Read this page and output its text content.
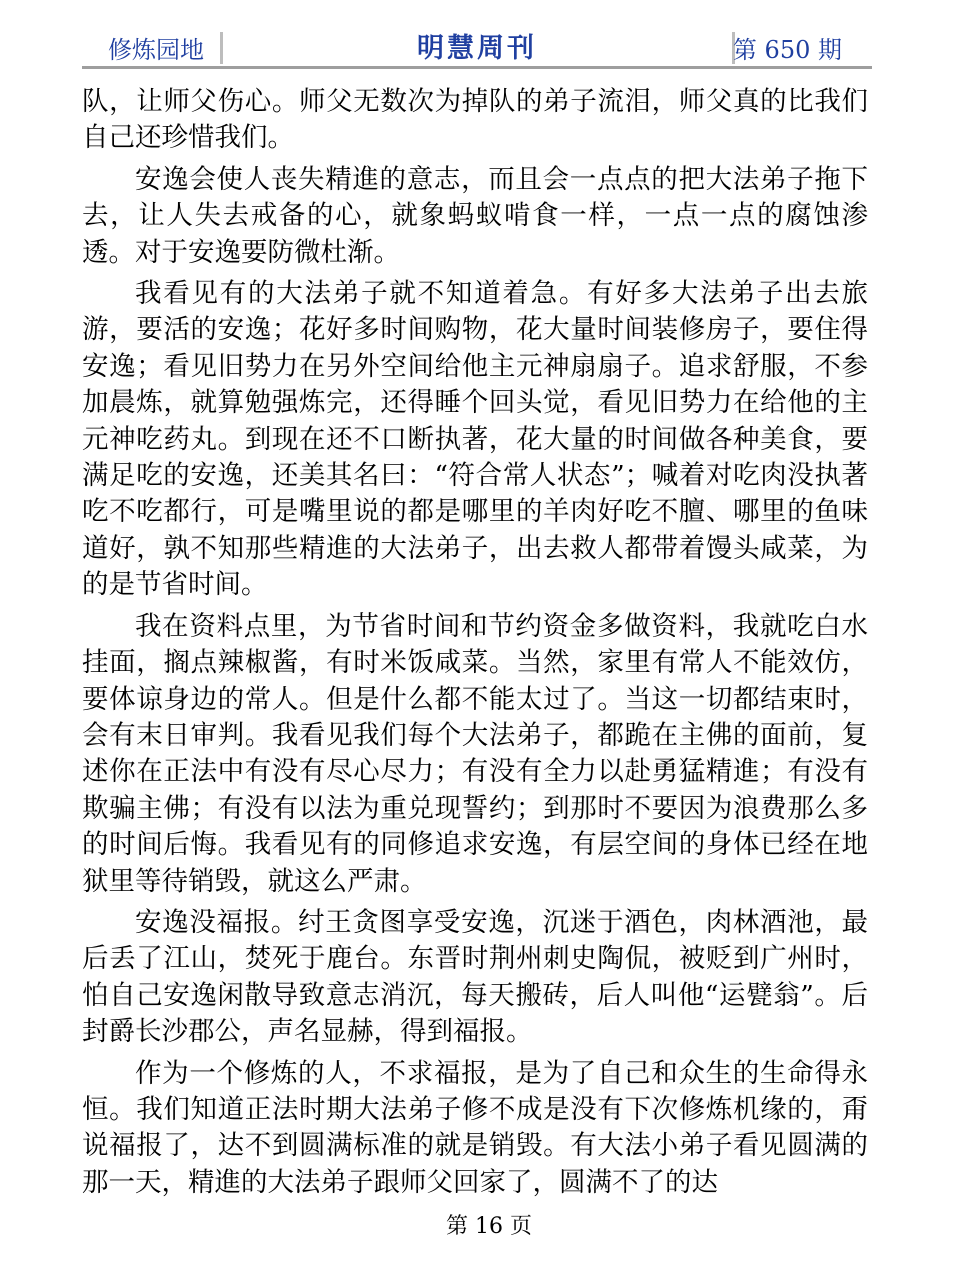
修炼园地	明慧周刊	第 650 期

队，让师父伤心。师父无数次为掉队的弟子流泪，师父真的比我们自己还珍惜我们。

安逸会使人丧失精進的意志，而且会一点点的把大法弟子拖下去，让人失去戒备的心，就象蚂蚁啃食一样，一点一点的腐蚀渗透。对于安逸要防微杜渐。

我看见有的大法弟子就不知道着急。有好多大法弟子出去旅游，要活的安逸；花好多时间购物，花大量时间装修房子，要住得安逸；看见旧势力在另外空间给他主元神扇扇子。追求舒服，不参加晨炼，就算勉强炼完，还得睡个回头觉，看见旧势力在给他的主元神吃药丸。到现在还不口断执著，花大量的时间做各种美食，要满足吃的安逸，还美其名曰：“符合常人状态”；喊着对吃肉没执著吃不吃都行，可是嘴里说的都是哪里的羊肉好吃不膻、哪里的鱼味道好，孰不知那些精進的大法弟子，出去救人都带着馒头咸菜，为的是节省时间。

我在资料点里，为节省时间和节约资金多做资料，我就吃白水挂面，搁点辣椒酱，有时米饭咸菜。当然，家里有常人不能效仿，要体谅身边的常人。但是什么都不能太过了。当这一切都结束时，会有末日审判。我看见我们每个大法弟子，都跪在主佛的面前，复述你在正法中有没有尽心尽力；有没有全力以赴勇猛精進；有没有欺骗主佛；有没有以法为重兑现誓约；到那时不要因为浪费那么多的时间后悔。我看见有的同修追求安逸，有层空间的身体已经在地狱里等待销毁，就这么严肃。

安逸没福报。纣王贪图享受安逸，沉迷于酒色，肉林酒池，最后丢了江山，焚死于鹿台。东晋时荆州刺史陶侃，被贬到广州时，怕自己安逸闲散导致意志消沉，每天搬砖，后人叫他“运甓翁”。后封爵长沙郡公，声名显赫，得到福报。

作为一个修炼的人，不求福报，是为了自己和众生的生命得永恒。我们知道正法时期大法弟子修不成是没有下次修炼机缘的，甭说福报了，达不到圆满标准的就是销毁。有大法小弟子看见圆满的那一天，精進的大法弟子跟师父回家了，圆满不了的达

第 16 页
